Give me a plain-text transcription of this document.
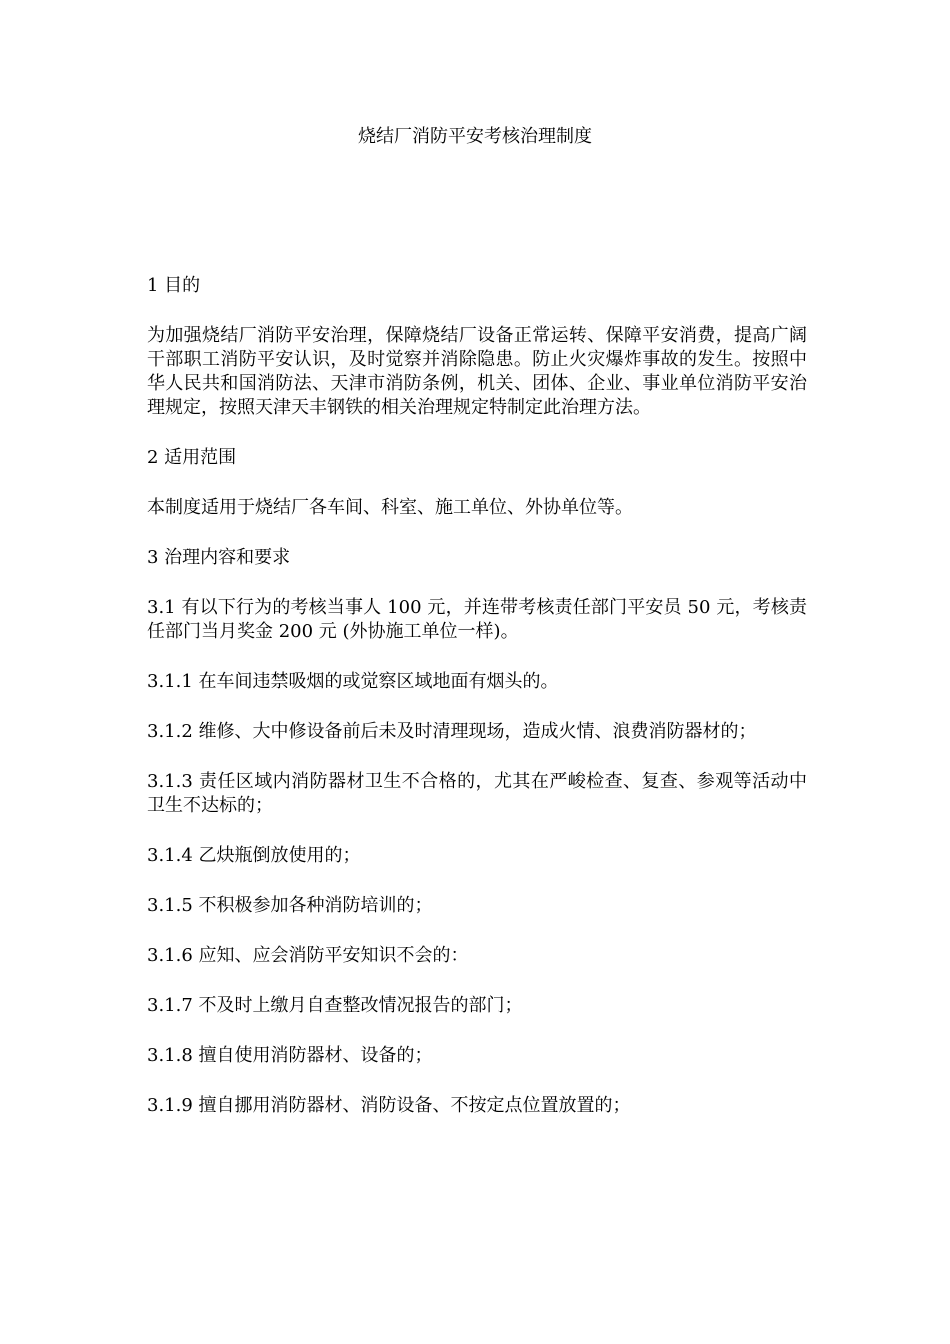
烧结厂消防平安考核治理制度

1 目的

为加强烧结厂消防平安治理，保障烧结厂设备正常运转、保障平安消费，提高广阔干部职工消防平安认识，及时觉察并消除隐患。防止火灾爆炸事故的发生。按照中华人民共和国消防法、天津市消防条例，机关、团体、企业、事业单位消防平安治理规定，按照天津天丰钢铁的相关治理规定特制定此治理方法。

2 适用范围

本制度适用于烧结厂各车间、科室、施工单位、外协单位等。

3 治理内容和要求

3.1 有以下行为的考核当事人 100 元，并连带考核责任部门平安员 50 元，考核责任部门当月奖金 200 元 (外协施工单位一样)。

3.1.1 在车间违禁吸烟的或觉察区域地面有烟头的。

3.1.2 维修、大中修设备前后未及时清理现场，造成火情、浪费消防器材的；

3.1.3 责任区域内消防器材卫生不合格的，尤其在严峻检查、复查、参观等活动中卫生不达标的；

3.1.4 乙炔瓶倒放使用的；

3.1.5 不积极参加各种消防培训的；

3.1.6 应知、应会消防平安知识不会的：

3.1.7 不及时上缴月自查整改情况报告的部门；

3.1.8 擅自使用消防器材、设备的；

3.1.9 擅自挪用消防器材、消防设备、不按定点位置放置的；
